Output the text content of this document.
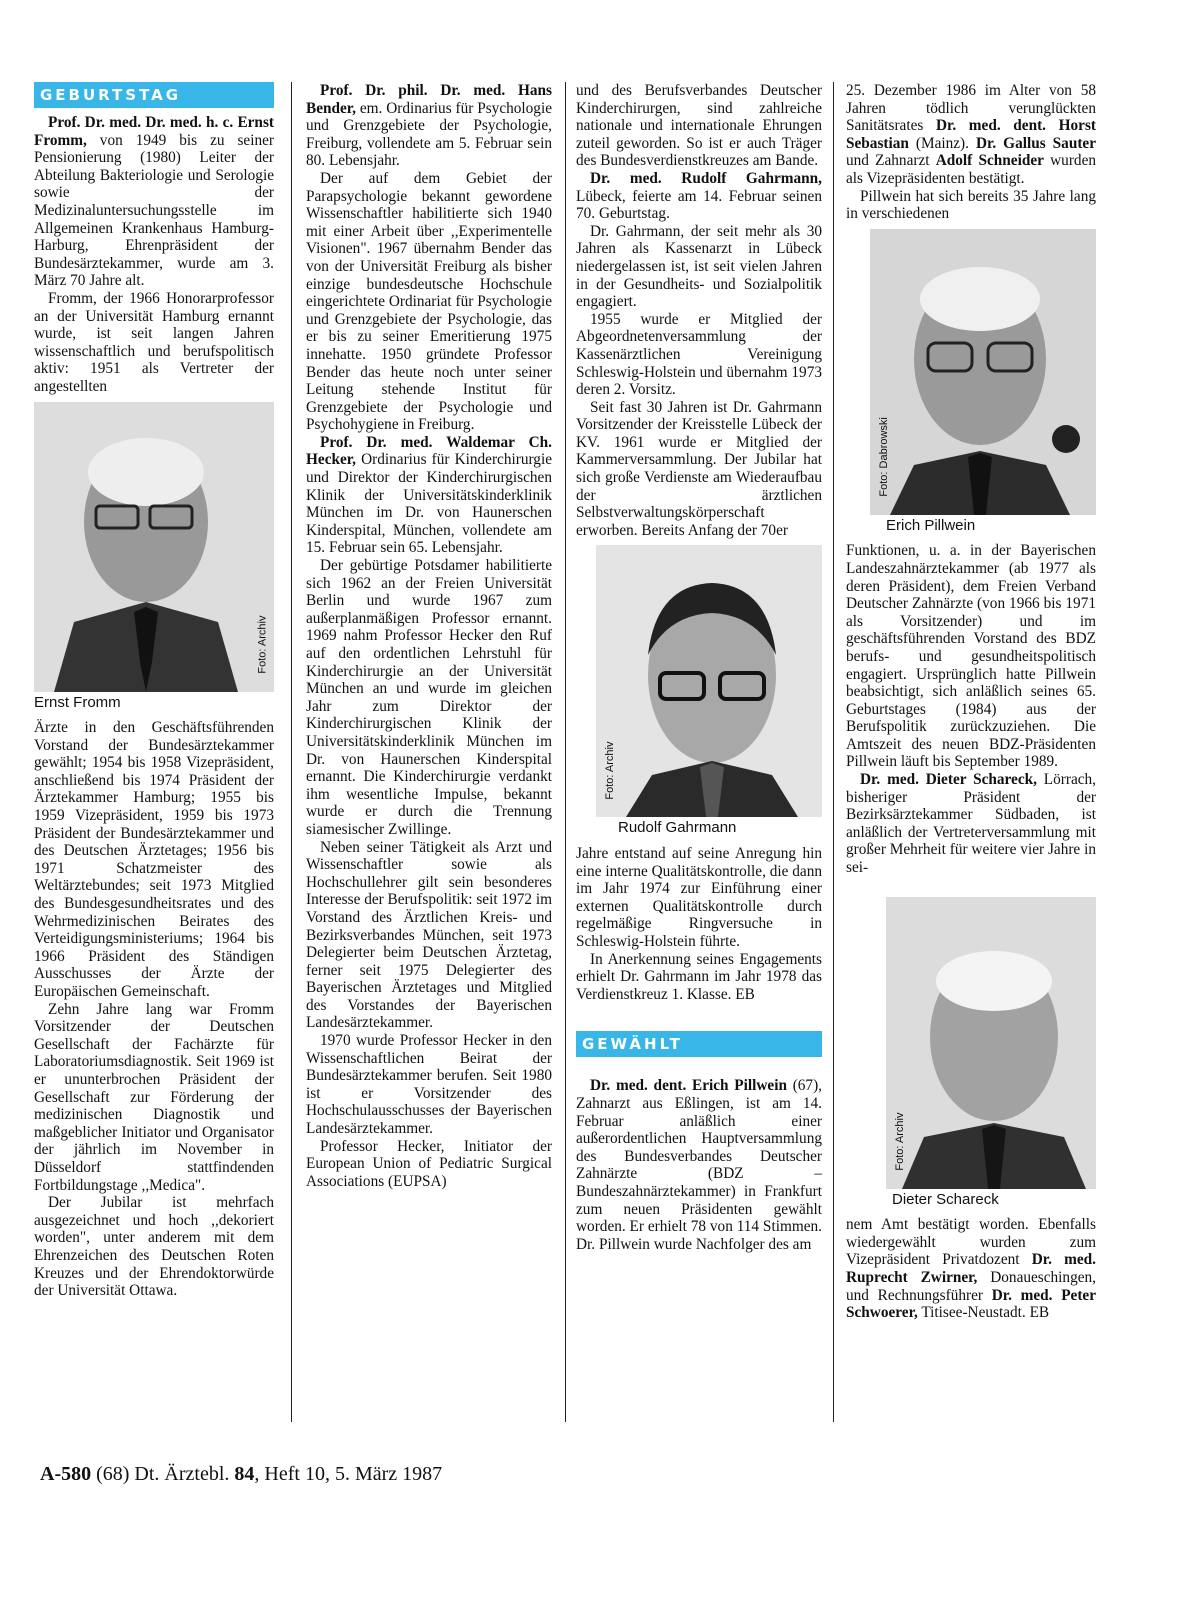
GEBURTSTAG

Prof. Dr. med. Dr. med. h. c. Ernst Fromm, von 1949 bis zu seiner Pensionierung (1980) Leiter der Abteilung Bakteriologie und Serologie sowie der Medizinaluntersuchungsstelle im Allgemeinen Krankenhaus Hamburg-Harburg, Ehrenpräsident der Bundesärztekammer, wurde am 3. März 70 Jahre alt.

Fromm, der 1966 Honorarprofessor an der Universität Hamburg ernannt wurde, ist seit langen Jahren wissenschaftlich und berufspolitisch aktiv: 1951 als Vertreter der angestellten

Foto: Archiv
Ernst Fromm

Ärzte in den Geschäftsführenden Vorstand der Bundesärztekammer gewählt; 1954 bis 1958 Vizepräsident, anschließend bis 1974 Präsident der Ärztekammer Hamburg; 1955 bis 1959 Vizepräsident, 1959 bis 1973 Präsident der Bundesärztekammer und des Deutschen Ärztetages; 1956 bis 1971 Schatzmeister des Weltärztebundes; seit 1973 Mitglied des Bundesgesundheitsrates und des Wehrmedizinischen Beirates des Verteidigungsministeriums; 1964 bis 1966 Präsident des Ständigen Ausschusses der Ärzte der Europäischen Gemeinschaft.

Zehn Jahre lang war Fromm Vorsitzender der Deutschen Gesellschaft der Fachärzte für Laboratoriumsdiagnostik. Seit 1969 ist er ununterbrochen Präsident der Gesellschaft zur Förderung der medizinischen Diagnostik und maßgeblicher Initiator und Organisator der jährlich im November in Düsseldorf stattfindenden Fortbildungstage ,,Medica".

Der Jubilar ist mehrfach ausgezeichnet und hoch ,,dekoriert worden", unter anderem mit dem Ehrenzeichen des Deutschen Roten Kreuzes und der Ehrendoktorwürde der Universität Ottawa.

Prof. Dr. phil. Dr. med. Hans Bender, em. Ordinarius für Psychologie und Grenzgebiete der Psychologie, Freiburg, vollendete am 5. Februar sein 80. Lebensjahr.

Der auf dem Gebiet der Parapsychologie bekannt gewordene Wissenschaftler habilitierte sich 1940 mit einer Arbeit über ,,Experimentelle Visionen". 1967 übernahm Bender das von der Universität Freiburg als bisher einzige bundesdeutsche Hochschule eingerichtete Ordinariat für Psychologie und Grenzgebiete der Psychologie, das er bis zu seiner Emeritierung 1975 innehatte. 1950 gründete Professor Bender das heute noch unter seiner Leitung stehende Institut für Grenzgebiete der Psychologie und Psychohygiene in Freiburg.

Prof. Dr. med. Waldemar Ch. Hecker, Ordinarius für Kinderchirurgie und Direktor der Kinderchirurgischen Klinik der Universitätskinderklinik München im Dr. von Haunerschen Kinderspital, München, vollendete am 15. Februar sein 65. Lebensjahr.

Der gebürtige Potsdamer habilitierte sich 1962 an der Freien Universität Berlin und wurde 1967 zum außerplanmäßigen Professor ernannt. 1969 nahm Professor Hecker den Ruf auf den ordentlichen Lehrstuhl für Kinderchirurgie an der Universität München an und wurde im gleichen Jahr zum Direktor der Kinderchirurgischen Klinik der Universitätskinderklinik München im Dr. von Haunerschen Kinderspital ernannt. Die Kinderchirurgie verdankt ihm wesentliche Impulse, bekannt wurde er durch die Trennung siamesischer Zwillinge.

Neben seiner Tätigkeit als Arzt und Wissenschaftler sowie als Hochschullehrer gilt sein besonderes Interesse der Berufspolitik: seit 1972 im Vorstand des Ärztlichen Kreis- und Bezirksverbandes München, seit 1973 Delegierter beim Deutschen Ärztetag, ferner seit 1975 Delegierter des Bayerischen Ärztetages und Mitglied des Vorstandes der Bayerischen Landesärztekammer.

1970 wurde Professor Hecker in den Wissenschaftlichen Beirat der Bundesärztekammer berufen. Seit 1980 ist er Vorsitzender des Hochschulausschusses der Bayerischen Landesärztekammer.

Professor Hecker, Initiator der European Union of Pediatric Surgical Associations (EUPSA)

und des Berufsverbandes Deutscher Kinderchirurgen, sind zahlreiche nationale und internationale Ehrungen zuteil geworden. So ist er auch Träger des Bundesverdienstkreuzes am Bande.

Dr. med. Rudolf Gahrmann, Lübeck, feierte am 14. Februar seinen 70. Geburtstag.

Dr. Gahrmann, der seit mehr als 30 Jahren als Kassenarzt in Lübeck niedergelassen ist, ist seit vielen Jahren in der Gesundheits- und Sozialpolitik engagiert.

1955 wurde er Mitglied der Abgeordnetenversammlung der Kassenärztlichen Vereinigung Schleswig-Holstein und übernahm 1973 deren 2. Vorsitz.

Seit fast 30 Jahren ist Dr. Gahrmann Vorsitzender der Kreisstelle Lübeck der KV. 1961 wurde er Mitglied der Kammerversammlung. Der Jubilar hat sich große Verdienste am Wiederaufbau der ärztlichen Selbstverwaltungskörperschaft erworben. Bereits Anfang der 70er

Foto: Archiv
Rudolf Gahrmann

Jahre entstand auf seine Anregung hin eine interne Qualitätskontrolle, die dann im Jahr 1974 zur Einführung einer externen Qualitätskontrolle durch regelmäßige Ringversuche in Schleswig-Holstein führte.

In Anerkennung seines Engagements erhielt Dr. Gahrmann im Jahr 1978 das Verdienstkreuz 1. Klasse. EB

GEWÄHLT

Dr. med. dent. Erich Pillwein (67), Zahnarzt aus Eßlingen, ist am 14. Februar anläßlich einer außerordentlichen Hauptversammlung des Bundesverbandes Deutscher Zahnärzte (BDZ – Bundeszahnärztekammer) in Frankfurt zum neuen Präsidenten gewählt worden. Er erhielt 78 von 114 Stimmen. Dr. Pillwein wurde Nachfolger des am

25. Dezember 1986 im Alter von 58 Jahren tödlich verunglückten Sanitätsrates Dr. med. dent. Horst Sebastian (Mainz). Dr. Gallus Sauter und Zahnarzt Adolf Schneider wurden als Vizepräsidenten bestätigt.

Pillwein hat sich bereits 35 Jahre lang in verschiedenen

Foto: Dabrowski
Erich Pillwein

Funktionen, u. a. in der Bayerischen Landeszahnärztekammer (ab 1977 als deren Präsident), dem Freien Verband Deutscher Zahnärzte (von 1966 bis 1971 als Vorsitzender) und im geschäftsführenden Vorstand des BDZ berufs- und gesundheitspolitisch engagiert. Ursprünglich hatte Pillwein beabsichtigt, sich anläßlich seines 65. Geburtstages (1984) aus der Berufspolitik zurückzuziehen. Die Amtszeit des neuen BDZ-Präsidenten Pillwein läuft bis September 1989.

Dr. med. Dieter Schareck, Lörrach, bisheriger Präsident der Bezirksärztekammer Südbaden, ist anläßlich der Vertreterversammlung mit großer Mehrheit für weitere vier Jahre in sei-

Foto: Archiv
Dieter Schareck

nem Amt bestätigt worden. Ebenfalls wiedergewählt wurden zum Vizepräsident Privatdozent Dr. med. Ruprecht Zwirner, Donaueschingen, und Rechnungsführer Dr. med. Peter Schwoerer, Titisee-Neustadt. EB

A-580 (68) Dt. Ärztebl. 84, Heft 10, 5. März 1987
